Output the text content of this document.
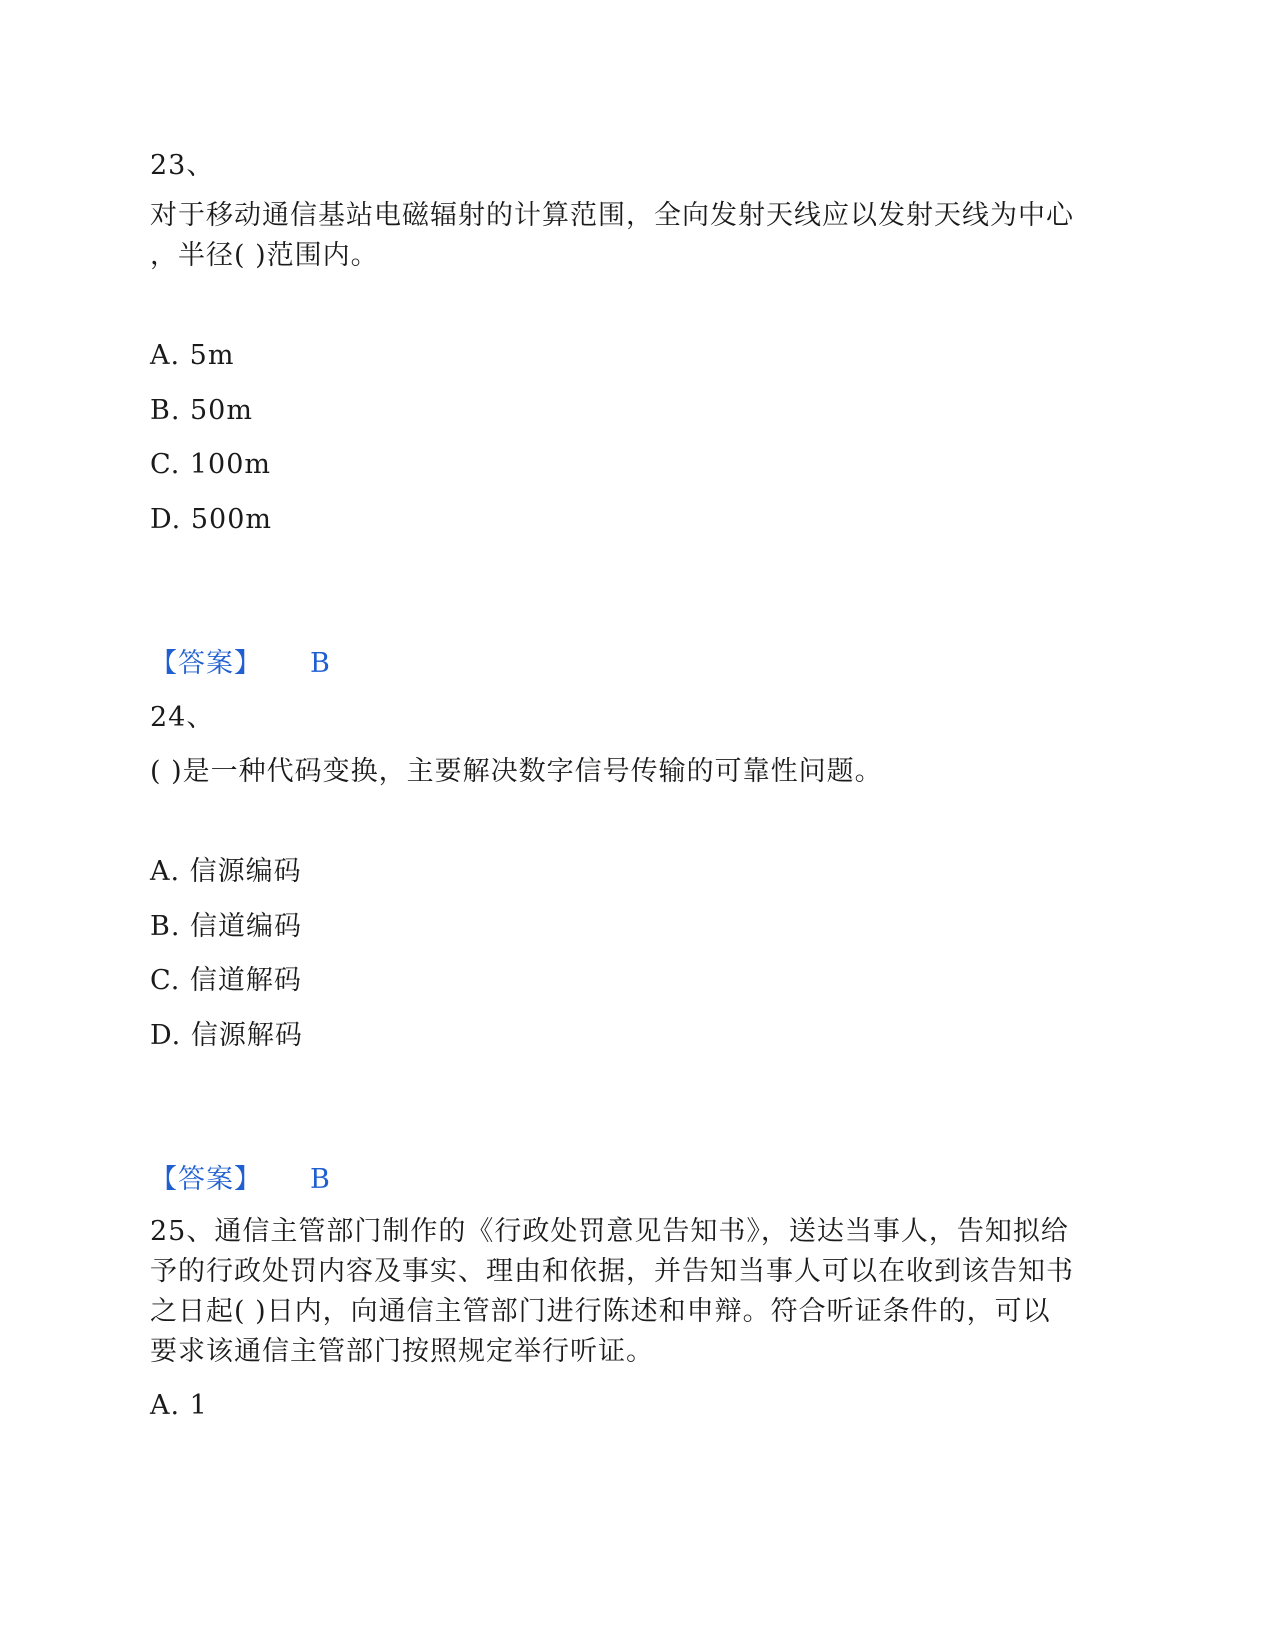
23、
对于移动通信基站电磁辐射的计算范围，全向发射天线应以发射天线为中心
，半径( )范围内。
A. 5m
B. 50m
C. 100m
D. 500m
【答案】 B
24、
( )是一种代码变换，主要解决数字信号传输的可靠性问题。
A. 信源编码
B. 信道编码
C. 信道解码
D. 信源解码
【答案】 B
25、通信主管部门制作的《行政处罚意见告知书》，送达当事人，告知拟给
予的行政处罚内容及事实、理由和依据，并告知当事人可以在收到该告知书
之日起( )日内，向通信主管部门进行陈述和申辩。符合听证条件的，可以
要求该通信主管部门按照规定举行听证。
A. 1
